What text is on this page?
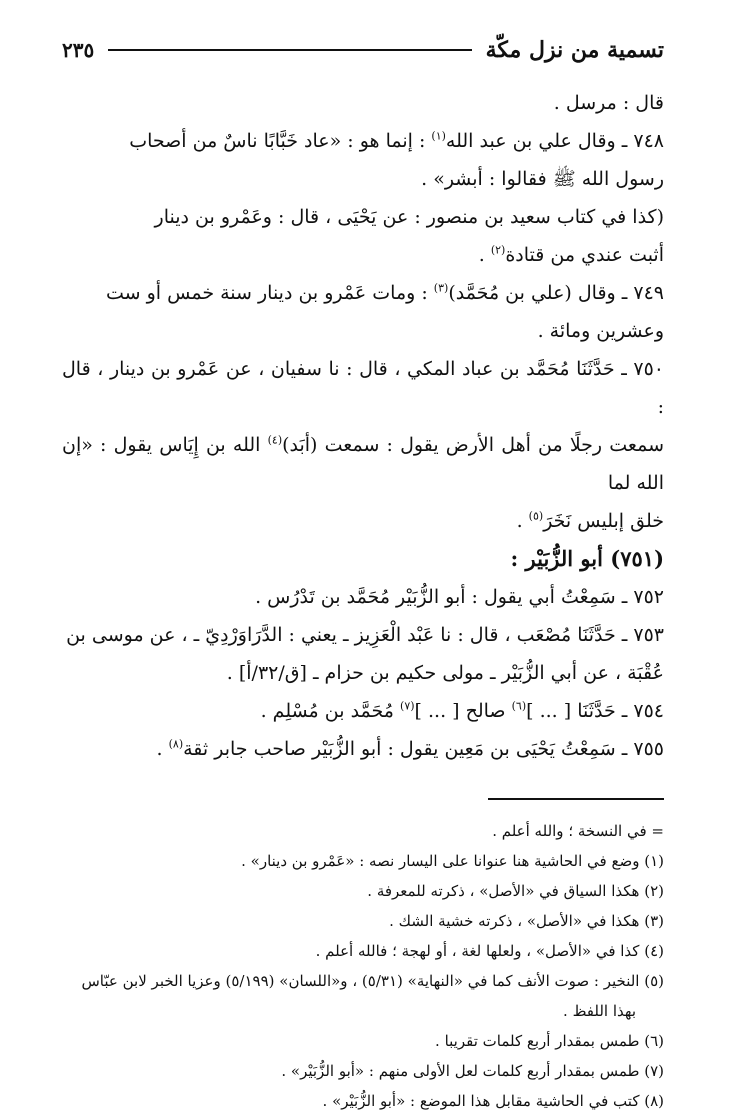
تسمية من نزل مكّة
٢٣٥

قال : مرسل .

٧٤٨ ـ وقال علي بن عبد الله$^{(١)}$ : إنما هو : «عاد خَبَّابًا ناسٌ من أصحاب

رسول الله ﷺ فقالوا : أبشر» .

(كذا في كتاب سعيد بن منصور : عن يَحْيَى ، قال : وعَمْرو بن دينار

أثبت عندي من قتادة$^{(٢)}$ .

٧٤٩ ـ وقال (علي بن مُحَمَّد)$^{(٣)}$ : ومات عَمْرو بن دينار سنة خمس أو ست

وعشرين ومائة .

٧٥٠ ـ حَدَّثَنَا مُحَمَّد بن عباد المكي ، قال : نا سفيان ، عن عَمْرو بن دينار ، قال :

سمعت رجلًا من أهل الأرض يقول : سمعت (أبَد)$^{(٤)}$ الله بن إِيَاس يقول : «إن الله لما

خلق إبليس نَخَرَ$^{(٥)}$ .

(٧٥١) أبو الزُّبَيْر :

٧٥٢ ـ سَمِعْتُ أبي يقول : أبو الزُّبَيْر مُحَمَّد بن تَدْرُس .

٧٥٣ ـ حَدَّثَنَا مُصْعَب ، قال : نا عَبْد الْعَزِيز ـ يعني : الدَّرَاوَرْدِيّ ـ ، عن موسى بن

عُقْبَة ، عن أبي الزُّبَيْر ـ مولى حكيم بن حزام ـ [ق/٣٢/أ] .

٧٥٤ ـ حَدَّثَنَا [ ... ]$^{(٦)}$ صالح [ ... ]$^{(٧)}$ مُحَمَّد بن مُسْلِم .

٧٥٥ ـ سَمِعْتُ يَحْيَى بن مَعِين يقول : أبو الزُّبَيْر صاحب جابر ثقة$^{(٨)}$ .

= في النسخة ؛ والله أعلم .

(١) وضع في الحاشية هنا عنوانا على اليسار نصه : «عَمْرو بن دينار» .

(٢) هكذا السياق في «الأصل» ، ذكرته للمعرفة .

(٣) هكذا في «الأصل» ، ذكرته خشية الشك .

(٤) كذا في «الأصل» ، ولعلها لغة ، أو لهجة ؛ فالله أعلم .

(٥) النخير : صوت الأنف كما في «النهاية» (٥/٣١) ، و«اللسان» (٥/١٩٩) وعزيا الخبر لابن عبّاس

بهذا اللفظ .

(٦) طمس بمقدار أربع كلمات تقريبا .

(٧) طمس بمقدار أربع كلمات لعل الأولى منهم : «أبو الزُّبَيْر» .

(٨) كتب في الحاشية مقابل هذا الموضع : «أبو الزُّبَيْر» .
